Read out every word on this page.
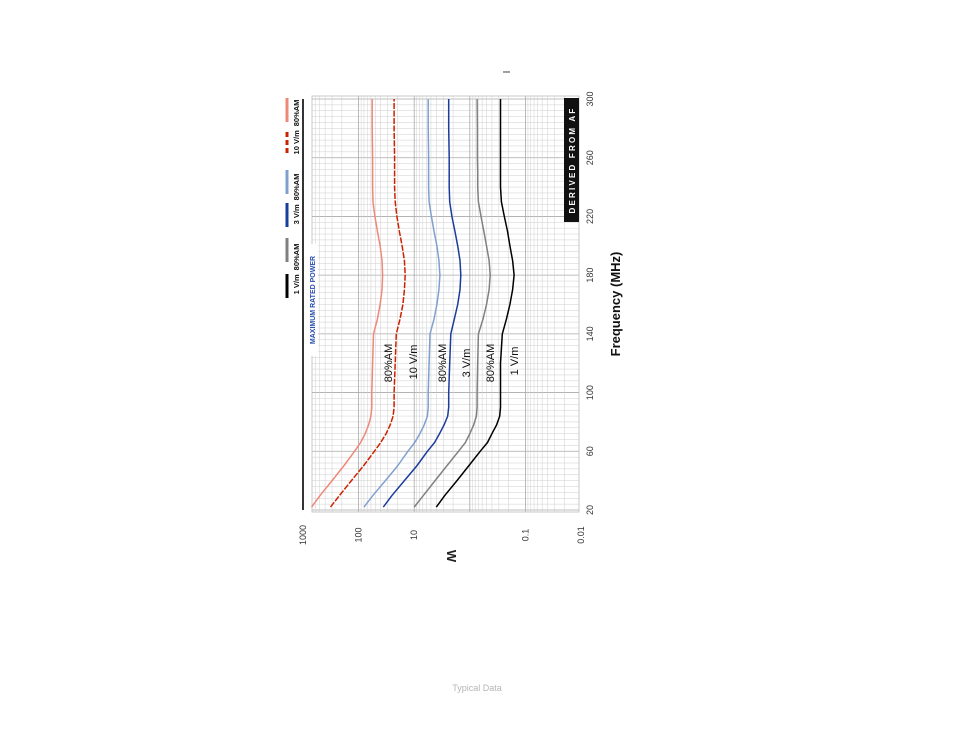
MAXIMUM RATED POWER
1 V/m
80%AM
3 V/m
80%AM
10 V/m
80%AM
20
60
100
140
180
220
260
300
0.01
0.1
10
100
1000
1 V/m80%AM
3 V/m80%AM
10 V/m80%AM	DERIVED FROM AF
I
Frequency (MHz)
W
Typical Data
